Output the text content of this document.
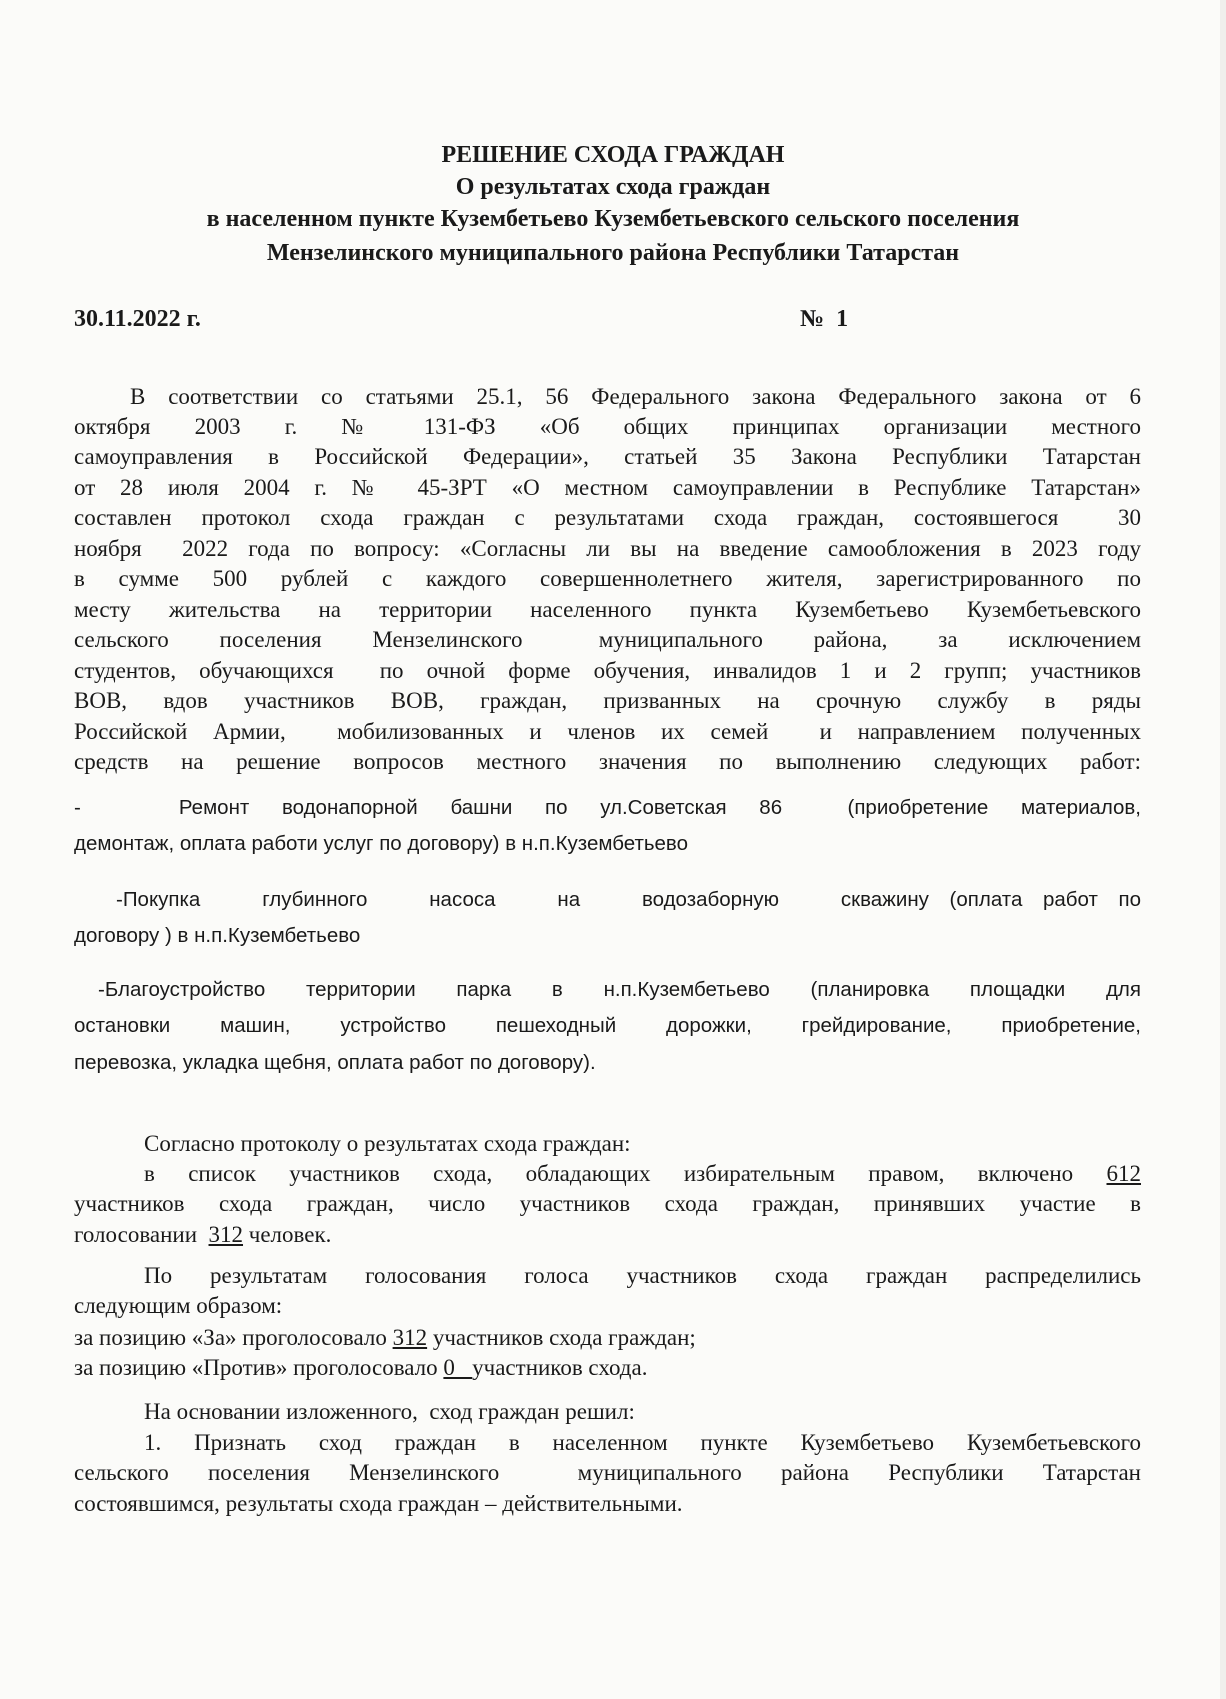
РЕШЕНИЕ СХОДА ГРАЖДАН
О результатах схода граждан
в населенном пункте Кузембетьево Кузембетьевского сельского поселения
Мензелинского муниципального района Республики Татарстан
30.11.2022 г.	№  1
В соответствии со статьями 25.1, 56 Федерального закона Федерального закона от 6
октября  2003  г.  №  131-ФЗ  «Об  общих  принципах  организации  местного
самоуправления в Российской Федерации», статьей 35 Закона Республики Татарстан
от 28 июля 2004 г. № 45-ЗРТ «О местном самоуправлении в Республике Татарстан»
составлен протокол схода граждан с результатами схода граждан, состоявшегося  30
ноября  2022 года по вопросу: «Согласны ли вы на введение самообложения в 2023 году
в сумме 500 рублей с каждого совершеннолетнего жителя, зарегистрированного по
месту жительства на территории населенного пункта Кузембетьево Кузембетьевского
сельского  поселения  Мензелинского   муниципального  района,  за  исключением
студентов, обучающихся  по очной форме обучения, инвалидов 1 и 2 групп; участников
ВОВ,  вдов  участников  ВОВ,  граждан,  призванных  на  срочную  службу  в  ряды
Российской Армии,  мобилизованных и членов их семей  и направлением полученных
средств на решение вопросов местного значения по выполнению следующих работ:
-   Ремонт водонапорной башни по ул.Советская 86  (приобретение материалов,
демонтаж, оплата работи услуг по договору) в н.п.Кузембетьево
-Покупка   глубинного   насоса   на   водозаборную   скважину (оплата работ по
договору ) в н.п.Кузембетьево
-Благоустройство территории парка в н.п.Кузембетьево (планировка площадки для
остановки машин, устройство пешеходный дорожки, грейдирование, приобретение,
перевозка, укладка щебня, оплата работ по договору).
Согласно протоколу о результатах схода граждан:
в список участников схода, обладающих избирательным правом, включено 612
участников схода граждан, число участников схода граждан, принявших участие в
голосовании  312 человек.
По результатам голосования голоса участников схода граждан распределились
следующим образом:
за позицию «За» проголосовало 312 участников схода граждан;
за позицию «Против» проголосовало 0   участников схода.
На основании изложенного,  сход граждан решил:
1. Признать сход граждан в населенном пункте Кузембетьево Кузембетьевского
сельского поселения Мензелинского  муниципального района Республики Татарстан
состоявшимся, результаты схода граждан – действительными.
